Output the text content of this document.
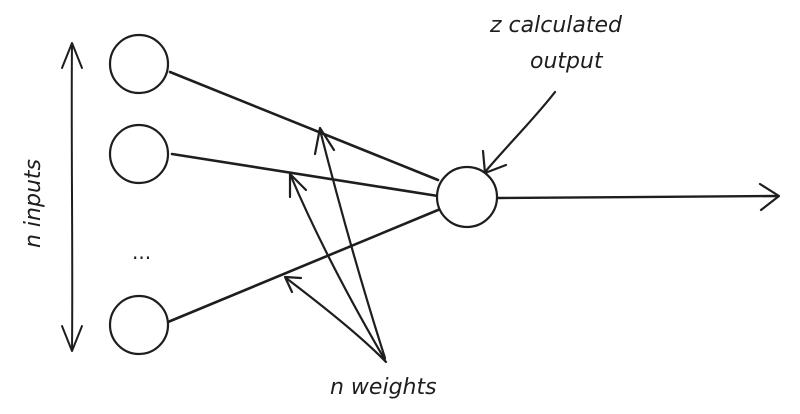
...
n inputs
z calculated
output
n weights
